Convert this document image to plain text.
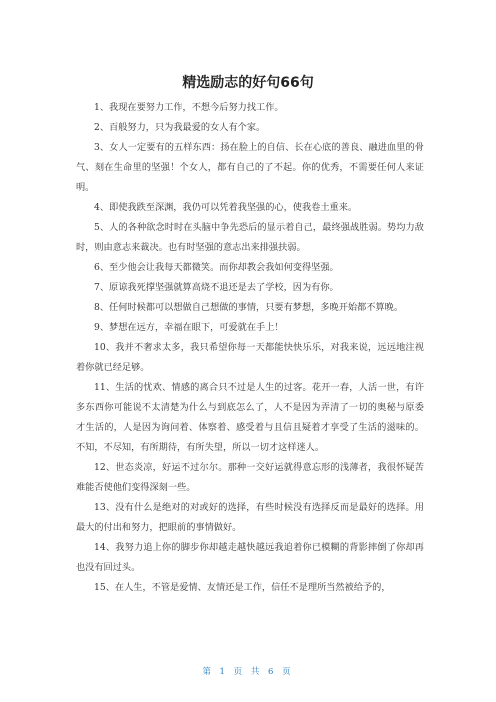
精选励志的好句66句

1、我现在要努力工作，不想今后努力找工作。

2、百般努力，只为我最爱的女人有个家。

3、女人一定要有的五样东西：扬在脸上的自信、长在心底的善良、融进血里的骨气、刻在生命里的坚强！个女人，都有自己的了不起。你的优秀，不需要任何人来证明。

4、即使我跌至深渊，我仍可以凭着我坚强的心，使我卷土重来。

5、人的各种欲念时时在头脑中争先恐后的显示着自己，最终强战胜弱。势均力敌时，则由意志来裁决。也有时坚强的意志出来排强扶弱。

6、至少他会让我每天都微笑。而你却教会我如何变得坚强。

7、原谅我死撑坚强就算高烧不退还是去了学校，因为有你。

8、任何时候都可以想做自己想做的事情，只要有梦想，多晚开始都不算晚。

9、梦想在远方，幸福在眼下，可爱就在手上！

10、我并不奢求太多，我只希望你每一天都能快快乐乐，对我来说，远远地注视着你就已经足够。

11、生活的忧欢、情感的离合只不过是人生的过客。花开一春，人活一世，有许多东西你可能说不太清楚为什么与到底怎么了，人不是因为弄清了一切的奥秘与原委才生活的，人是因为询问着、体察着、感受着与且信且疑着才享受了生活的滋味的。不知，不尽知，有所期待，有所失望，所以一切才这样迷人。

12、世态炎凉，好运不过尔尔。那种一交好运就得意忘形的浅薄者，我很怀疑苦难能否使他们变得深刻一些。

13、没有什么是绝对的对或好的选择，有些时候没有选择反而是最好的选择。用最大的付出和努力，把眼前的事情做好。

14、我努力追上你的脚步你却越走越快越远我追着你已模糊的背影摔倒了你却再也没有回过头。

15、在人生，不管是爱情、友情还是工作，信任不是理所当然被给予的，

第 1 页 共 6 页
